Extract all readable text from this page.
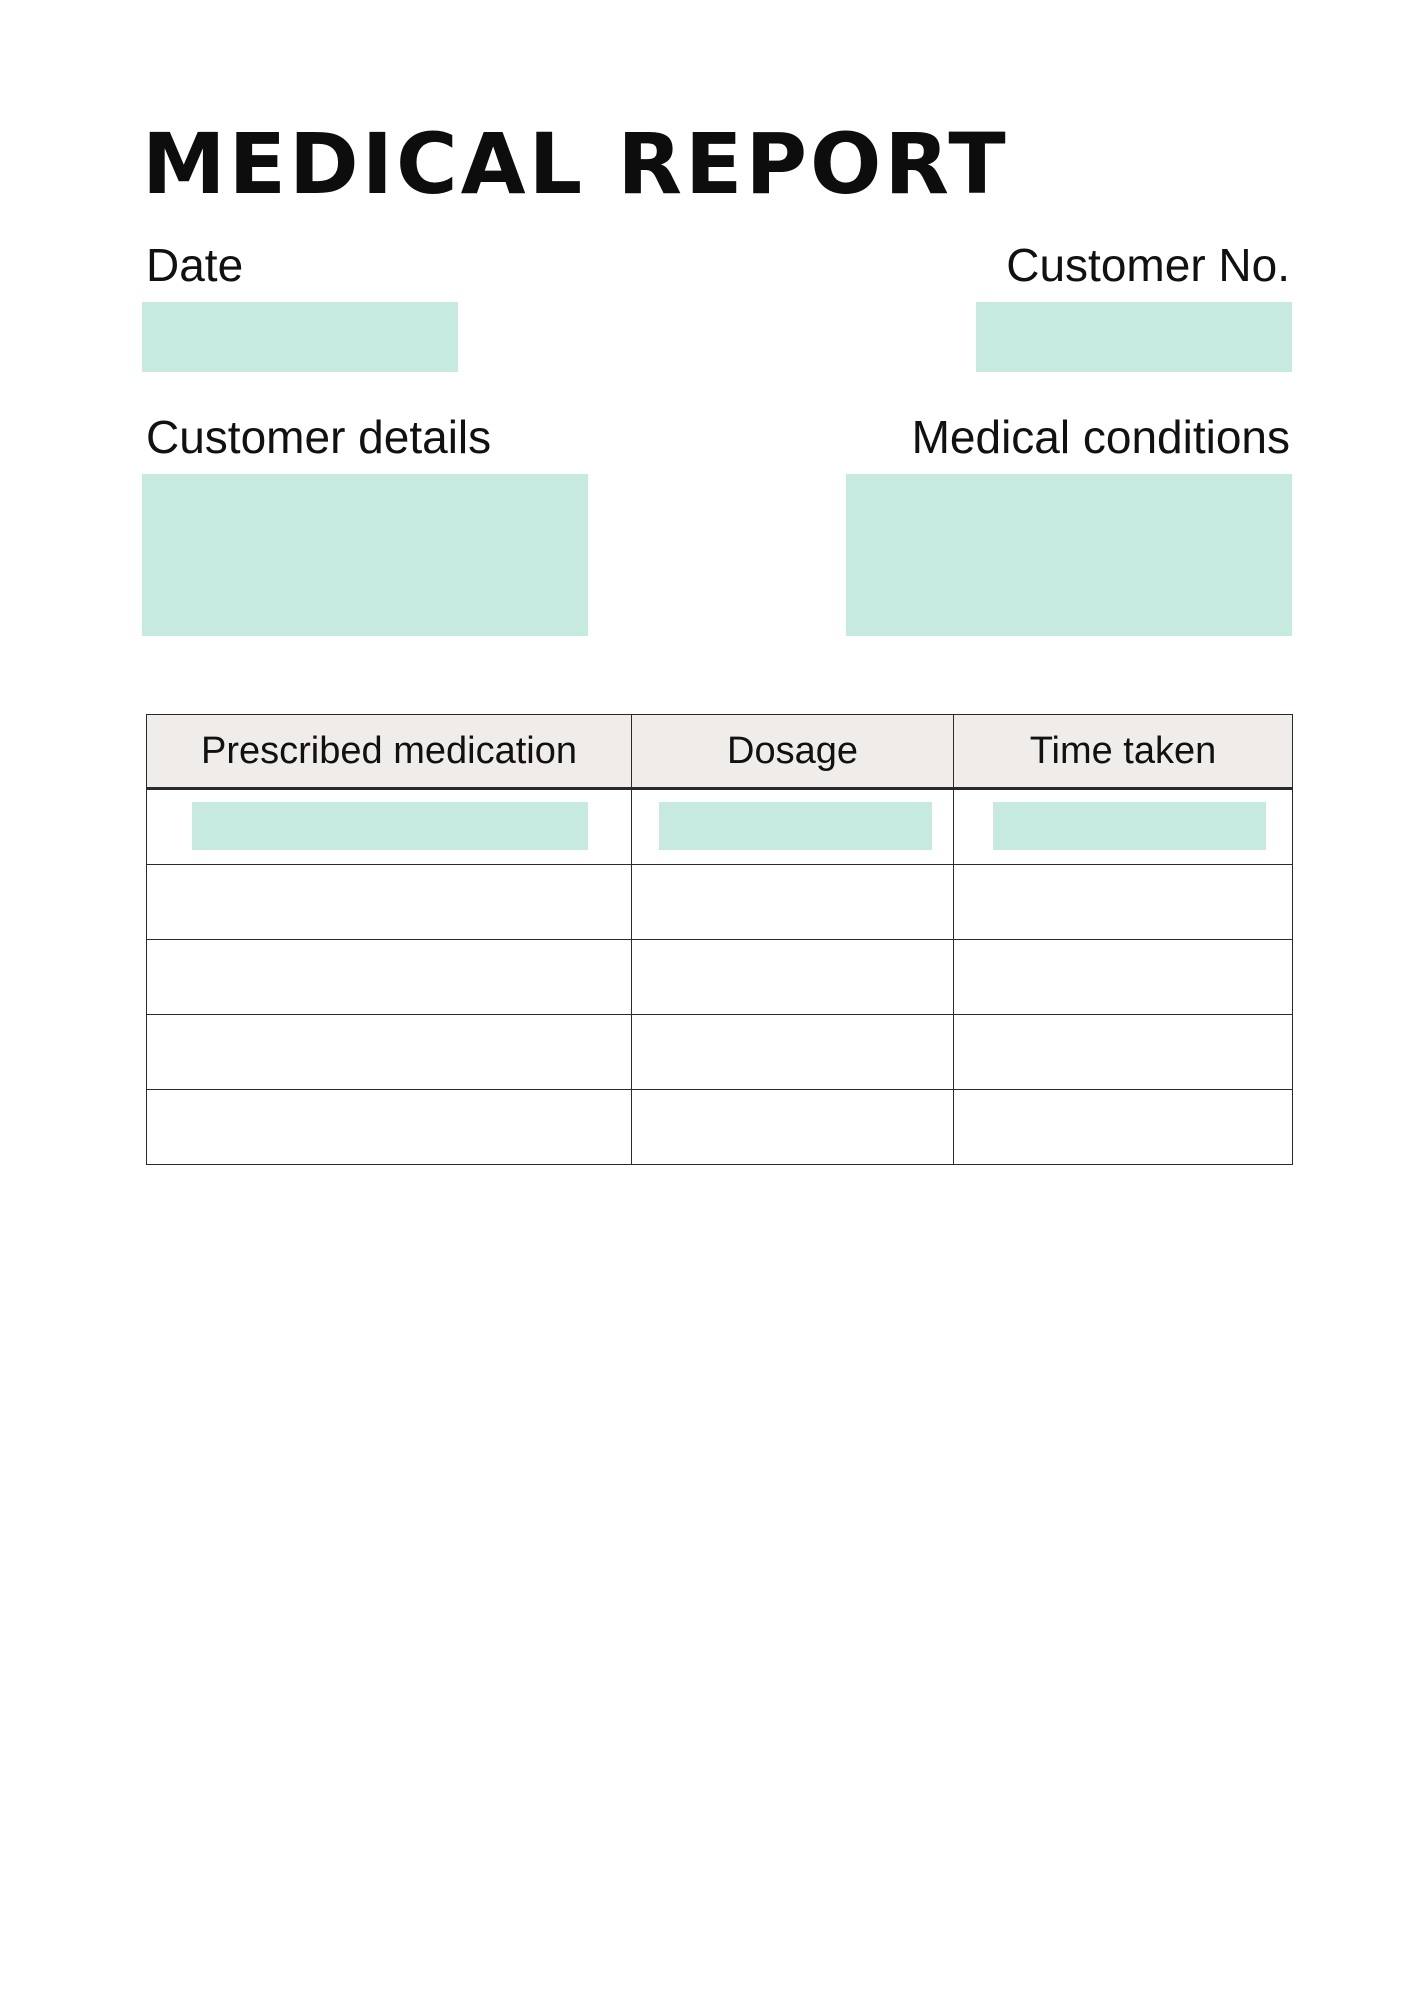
MEDICAL REPORT
Date	Customer No.
Customer details	Medical conditions
Prescribed medication	Dosage	Time taken
